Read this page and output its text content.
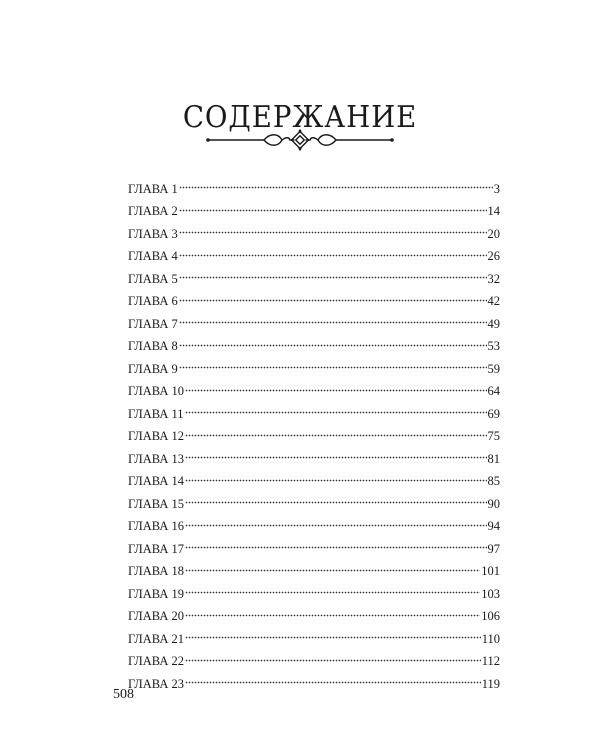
СОДЕРЖАНИЕ
ГЛАВА 1	3
ГЛАВА 2	14
ГЛАВА 3	20
ГЛАВА 4	26
ГЛАВА 5	32
ГЛАВА 6	42
ГЛАВА 7	49
ГЛАВА 8	53
ГЛАВА 9	59
ГЛАВА 10	64
ГЛАВА 11	69
ГЛАВА 12	75
ГЛАВА 13	81
ГЛАВА 14	85
ГЛАВА 15	90
ГЛАВА 16	94
ГЛАВА 17	97
ГЛАВА 18	101
ГЛАВА 19	103
ГЛАВА 20	106
ГЛАВА 21	110
ГЛАВА 22	112
ГЛАВА 23	119
508
